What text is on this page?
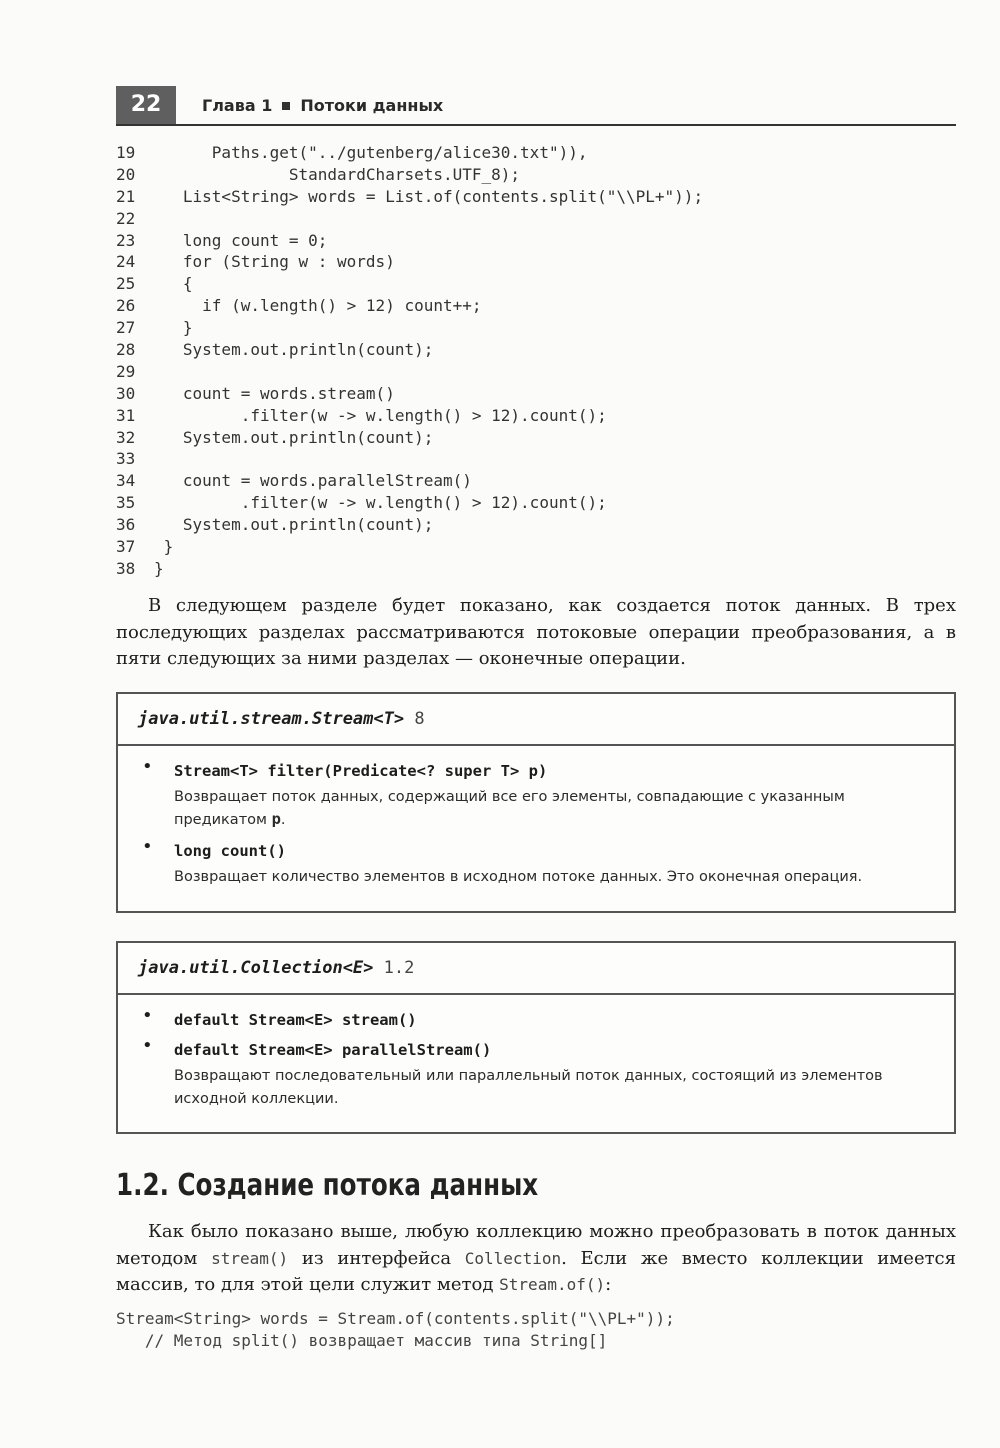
22	Глава 1 Потоки данных
19      Paths.get("../gutenberg/alice30.txt")),
20              StandardCharsets.UTF_8);
21   List<String> words = List.of(contents.split("\\PL+"));
22
23   long count = 0;
24   for (String w : words)
25   {
26     if (w.length() > 12) count++;
27   }
28   System.out.println(count);
29
30   count = words.stream()
31         .filter(w -> w.length() > 12).count();
32   System.out.println(count);
33
34   count = words.parallelStream()
35         .filter(w -> w.length() > 12).count();
36   System.out.println(count);
37 }
38 }

В следующем разделе будет показано, как создается поток данных. В трех последующих разделах рассматриваются потоковые операции преобразования, а в пяти следующих за ними разделах — оконечные операции.

java.util.stream.Stream<T> 8
• Stream<T> filter(Predicate<? super T> p)
Возвращает поток данных, содержащий все его элементы, совпадающие с указанным предикатом p.
• long count()
Возвращает количество элементов в исходном потоке данных. Это оконечная операция.
java.util.Collection<E> 1.2
• default Stream<E> stream()
• default Stream<E> parallelStream()
Возвращают последовательный или параллельный поток данных, состоящий из элементов исходной коллекции.
1.2. Создание потока данных

Как было показано выше, любую коллекцию можно преобразовать в поток данных методом stream() из интерфейса Collection. Если же вместо коллекции имеется массив, то для этой цели служит метод Stream.of():

Stream<String> words = Stream.of(contents.split("\\PL+"));
// Метод split() возвращает массив типа String[]
